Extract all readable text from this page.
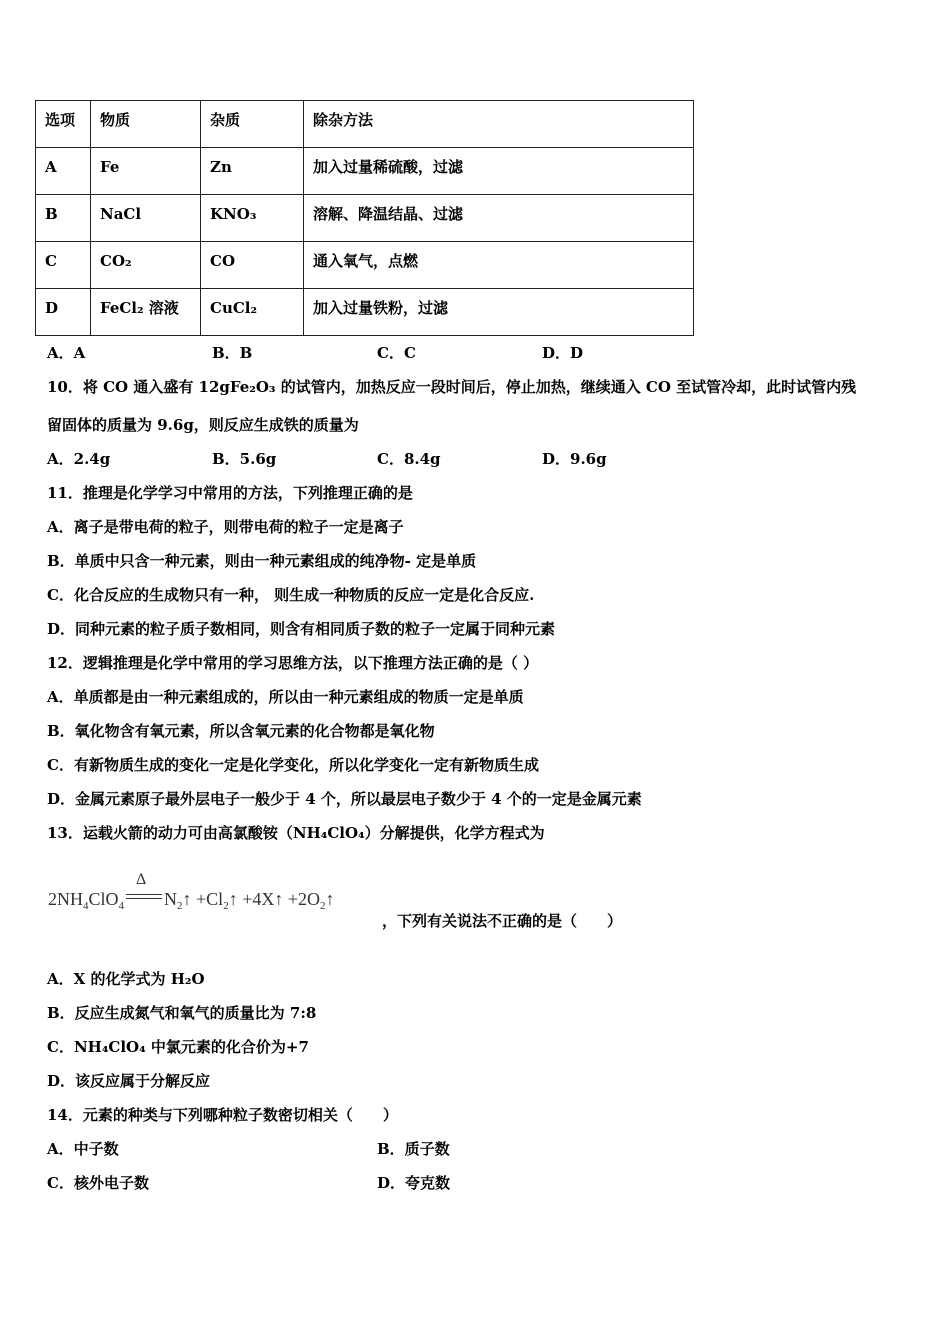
选项	物质	杂质	除杂方法
A	Fe	Zn	加入过量稀硫酸，过滤
B	NaCl	KNO₃	溶解、降温结晶、过滤
C	CO₂	CO	通入氧气，点燃
D	FeCl₂ 溶液	CuCl₂	加入过量铁粉，过滤
A．A	B．B	C．C	D．D
10．将 CO 通入盛有 12gFe₂O₃ 的试管内，加热反应一段时间后，停止加热，继续通入 CO 至试管冷却，此时试管内残
留固体的质量为 9.6g，则反应生成铁的质量为
A．2.4g	B．5.6g	C．8.4g	D．9.6g
11．推理是化学学习中常用的方法，下列推理正确的是
A．离子是带电荷的粒子，则带电荷的粒子一定是离子
B．单质中只含一种元素，则由一种元素组成的纯净物- 定是单质
C．化合反应的生成物只有一种， 则生成一种物质的反应一定是化合反应.
D．同种元素的粒子质子数相同，则含有相同质子数的粒子一定属于同种元素
12．逻辑推理是化学中常用的学习思维方法，以下推理方法正确的是（ ）
A．单质都是由一种元素组成的，所以由一种元素组成的物质一定是单质
B．氧化物含有氧元素，所以含氧元素的化合物都是氧化物
C．有新物质生成的变化一定是化学变化，所以化学变化一定有新物质生成
D．金属元素原子最外层电子一般少于 4 个，所以最层电子数少于 4 个的一定是金属元素
13．运载火箭的动力可由高氯酸铵（NH₄ClO₄）分解提供，化学方程式为
$2NH_4ClO_4$
Δ
$N_2↑$ $+Cl_2↑$ +4X↑ $+2O_2↑$
，下列有关说法不正确的是（　　）
A．X 的化学式为 H₂O
B．反应生成氮气和氧气的质量比为 7:8
C．NH₄ClO₄ 中氯元素的化合价为+7
D．该反应属于分解反应
14．元素的种类与下列哪种粒子数密切相关（　　）
A．中子数	B．质子数
C．核外电子数	D．夸克数
